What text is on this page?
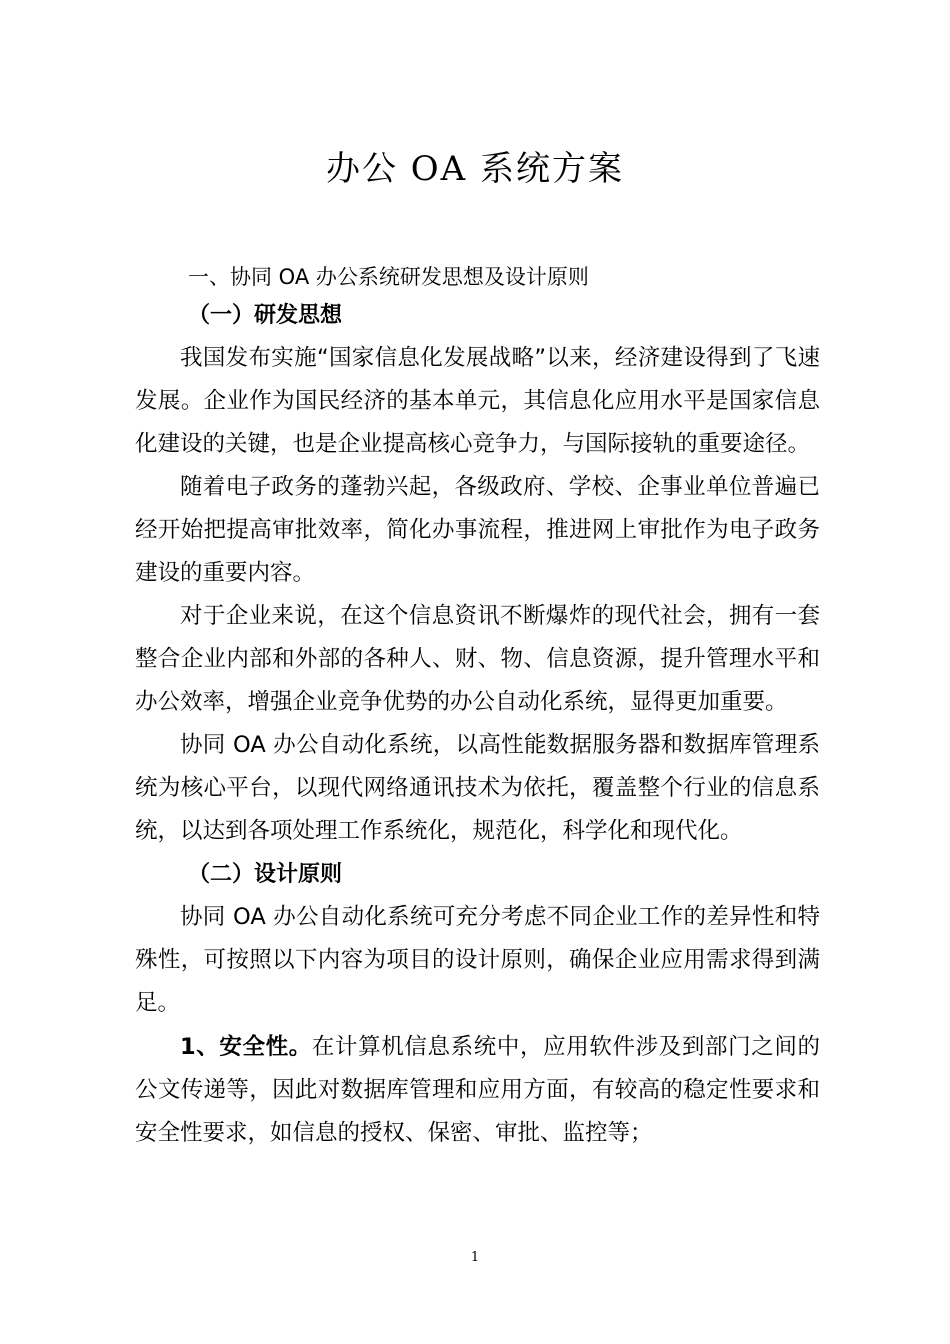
办公 OA 系统方案
一、协同 OA 办公系统研发思想及设计原则
（一）研发思想
我国发布实施“国家信息化发展战略”以来，经济建设得到了飞速发展。企业作为国民经济的基本单元，其信息化应用水平是国家信息化建设的关键，也是企业提高核心竞争力，与国际接轨的重要途径。
随着电子政务的蓬勃兴起，各级政府、学校、企事业单位普遍已经开始把提高审批效率，简化办事流程，推进网上审批作为电子政务建设的重要内容。
对于企业来说，在这个信息资讯不断爆炸的现代社会，拥有一套整合企业内部和外部的各种人、财、物、信息资源，提升管理水平和办公效率，增强企业竞争优势的办公自动化系统，显得更加重要。
协同 OA 办公自动化系统，以高性能数据服务器和数据库管理系统为核心平台，以现代网络通讯技术为依托，覆盖整个行业的信息系统，以达到各项处理工作系统化，规范化，科学化和现代化。
（二）设计原则
协同 OA 办公自动化系统可充分考虑不同企业工作的差异性和特殊性，可按照以下内容为项目的设计原则，确保企业应用需求得到满足。
1、安全性。在计算机信息系统中，应用软件涉及到部门之间的公文传递等，因此对数据库管理和应用方面，有较高的稳定性要求和安全性要求，如信息的授权、保密、审批、监控等；
1
